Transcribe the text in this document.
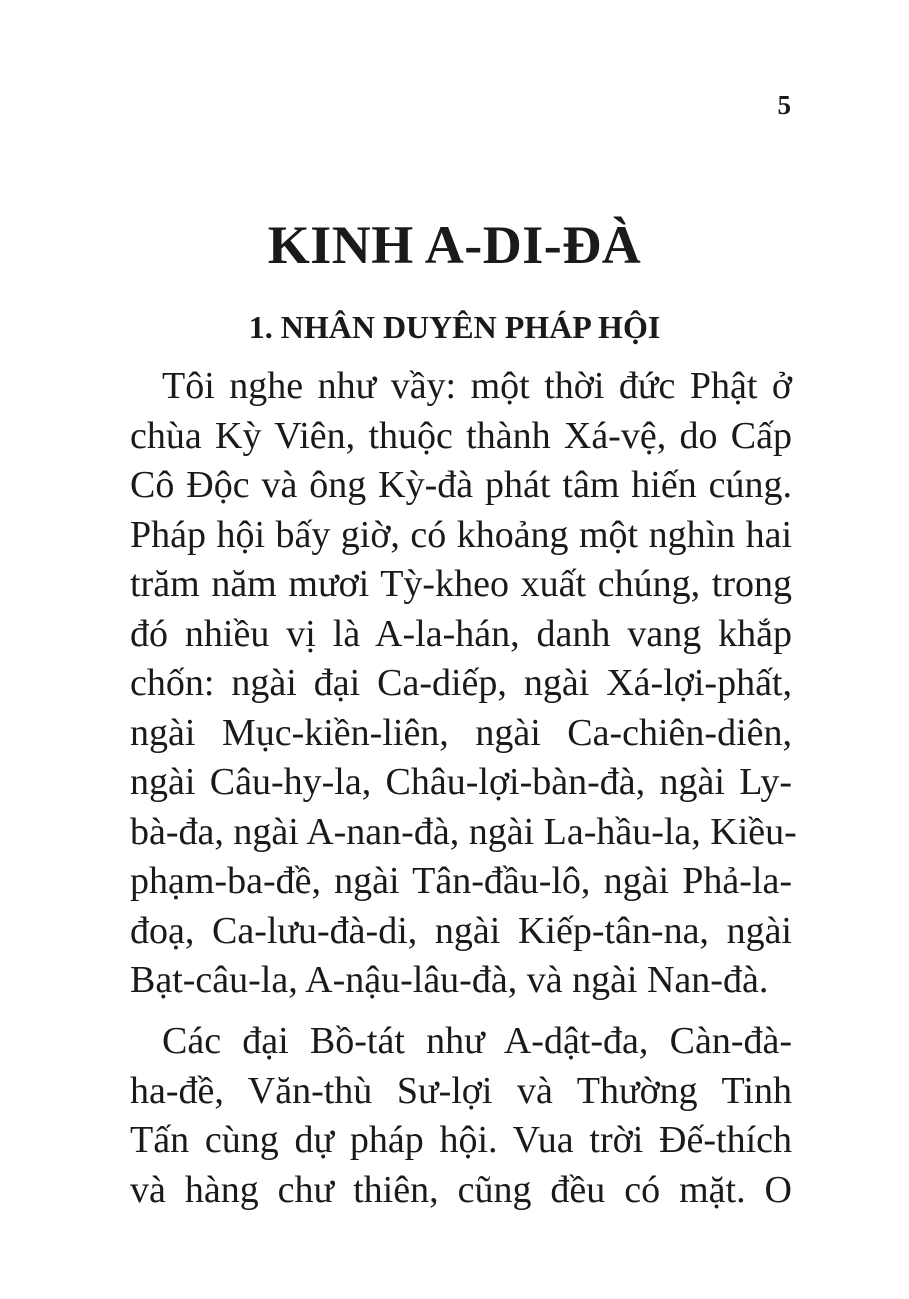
5
KINH A-DI-ĐÀ
1. NHÂN DUYÊN PHÁP HỘI
Tôi nghe như vầy: một thời đức Phật ở
chùa Kỳ Viên, thuộc thành Xá-vệ, do Cấp
Cô Độc và ông Kỳ-đà phát tâm hiến cúng.
Pháp hội bấy giờ, có khoảng một nghìn hai
trăm năm mươi Tỳ-kheo xuất chúng, trong
đó nhiều vị là A-la-hán, danh vang khắp
chốn: ngài đại Ca-diếp, ngài Xá-lợi-phất,
ngài Mục-kiền-liên, ngài Ca-chiên-diên,
ngài Câu-hy-la, Châu-lợi-bàn-đà, ngài Ly-
bà-đa, ngài A-nan-đà, ngài La-hầu-la, Kiều-
phạm-ba-đề, ngài Tân-đầu-lô, ngài Phả-la-
đoạ, Ca-lưu-đà-di, ngài Kiếp-tân-na, ngài
Bạt-câu-la, A-nậu-lâu-đà, và ngài Nan-đà.
Các đại Bồ-tát như A-dật-đa, Càn-đà-
ha-đề, Văn-thù Sư-lợi và Thường Tinh
Tấn cùng dự pháp hội. Vua trời Đế-thích
và hàng chư thiên, cũng đều có mặt. O
